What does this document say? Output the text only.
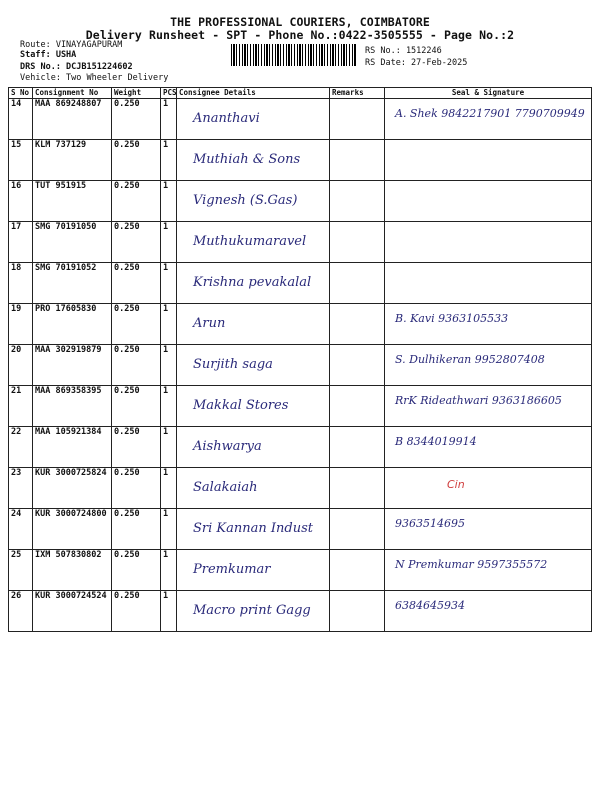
THE PROFESSIONAL COURIERS, COIMBATORE
Delivery Runsheet - SPT - Phone No.:0422-3505555 - Page No.:2
Route: VINAYAGAPURAM
Staff: USHA
DRS No.: DCJB151224602
Vehicle: Two Wheeler Delivery
RS No.: 1512246
RS Date: 27-Feb-2025
S No	Consignment No	Weight	PCS	Consignee Details	Remarks	Seal & Signature
14	MAA 869248807	0.250	1	Ananthavi		A. Shek 9842217901 7790709949

15	KLM 737129	0.250	1	Muthiah & Sons		

16	TUT 951915	0.250	1	Vignesh (S.Gas)		

17	SMG 70191050	0.250	1	Muthukumaravel		

18	SMG 70191052	0.250	1	Krishna pevakalal		

19	PRO 17605830	0.250	1	Arun		B. Kavi 9363105533

20	MAA 302919879	0.250	1	Surjith saga		S. Dulhikeran 9952807408

21	MAA 869358395	0.250	1	Makkal Stores		RrK Rideathwari 9363186605

22	MAA 105921384	0.250	1	Aishwarya		B 8344019914

23	KUR 3000725824	0.250	1	Salakaiah		Cin

24	KUR 3000724800	0.250	1	Sri Kannan Indust		9363514695

25	IXM 507830802	0.250	1	Premkumar		N Premkumar 9597355572

26	KUR 3000724524	0.250	1	Macro print Gagg		6384645934
